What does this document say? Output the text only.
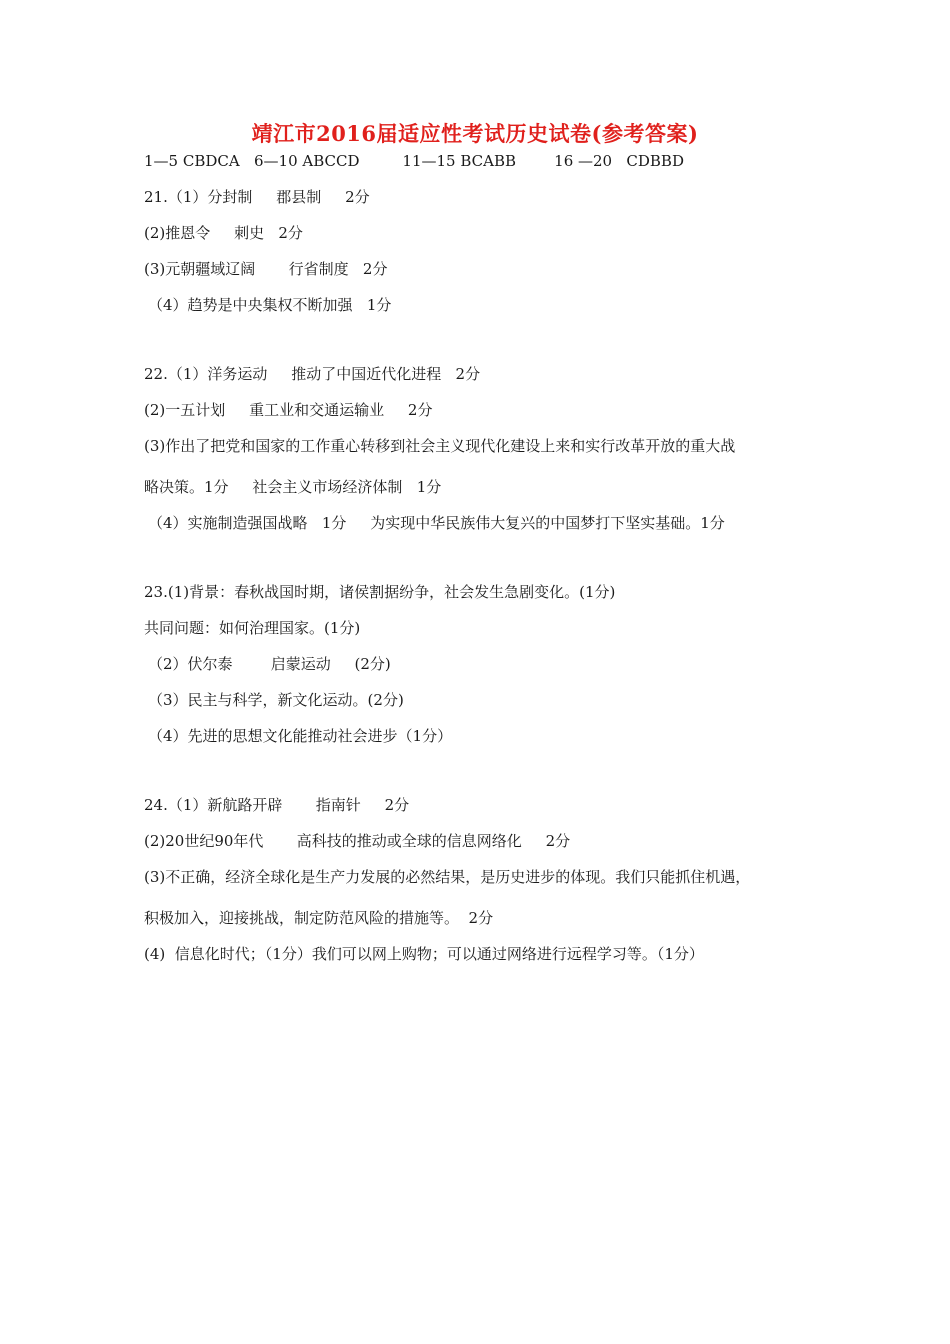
靖江市2016届适应性考试历史试卷(参考答案)
1—5 CBDCA   6—10 ABCCD         11—15 BCABB        16 —20   CDBBD
21.（1）分封制     郡县制     2分
(2)推恩令     刺史   2分
(3)元朝疆域辽阔       行省制度   2分
（4）趋势是中央集权不断加强   1分
22.（1）洋务运动     推动了中国近代化进程   2分
(2)一五计划     重工业和交通运输业     2分
(3)作出了把党和国家的工作重心转移到社会主义现代化建设上来和实行改革开放的重大战
略决策。1分     社会主义市场经济体制   1分
（4）实施制造强国战略   1分     为实现中华民族伟大复兴的中国梦打下坚实基础。1分
23.(1)背景：春秋战国时期，诸侯割据纷争，社会发生急剧变化。(1分)
共同问题：如何治理国家。(1分)
（2）伏尔泰        启蒙运动     (2分)
（3）民主与科学，新文化运动。(2分)
（4）先进的思想文化能推动社会进步（1分）
24.（1）新航路开辟       指南针     2分
(2)20世纪90年代       高科技的推动或全球的信息网络化     2分
(3)不正确，经济全球化是生产力发展的必然结果，是历史进步的体现。我们只能抓住机遇，
积极加入，迎接挑战，制定防范风险的措施等。  2分
(4)  信息化时代；（1分）我们可以网上购物；可以通过网络进行远程学习等。（1分）
